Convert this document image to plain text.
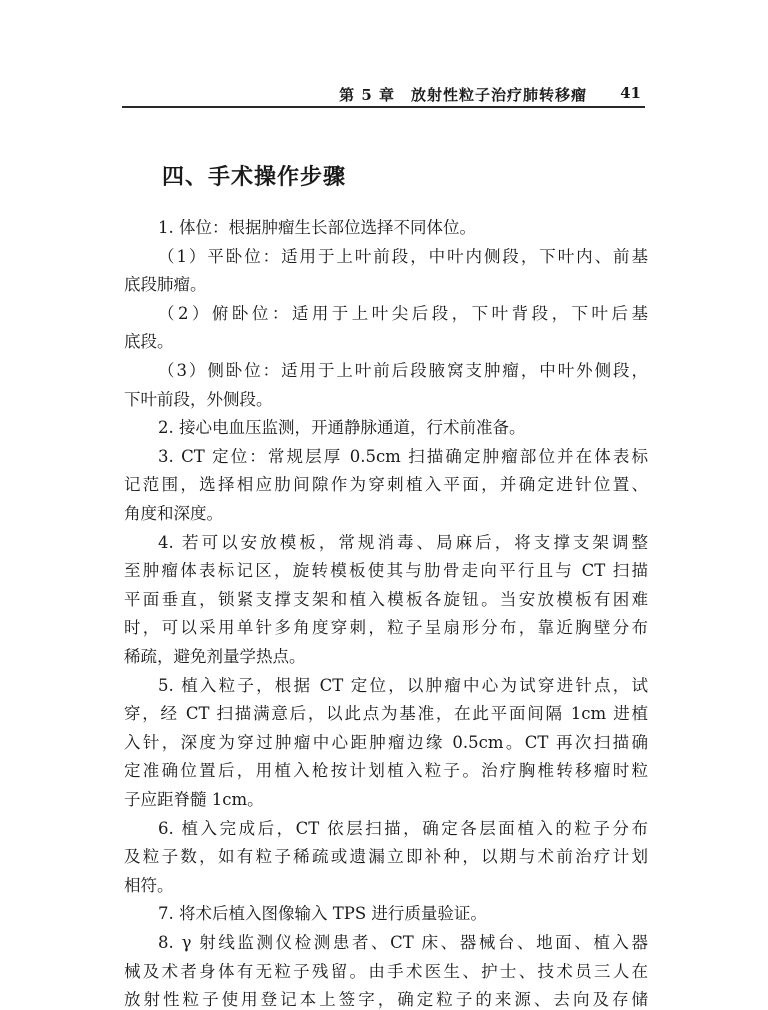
第 5 章　放射性粒子治疗肺转移瘤 41
四、手术操作步骤
1. 体位：根据肿瘤生长部位选择不同体位。
（1）平卧位：适用于上叶前段，中叶内侧段，下叶内、前基
底段肺瘤。
（2）俯卧位：适用于上叶尖后段，下叶背段，下叶后基
底段。
（3）侧卧位：适用于上叶前后段腋窝支肿瘤，中叶外侧段，
下叶前段，外侧段。
2. 接心电血压监测，开通静脉通道，行术前准备。
3. CT 定位：常规层厚 0.5cm 扫描确定肿瘤部位并在体表标
记范围，选择相应肋间隙作为穿刺植入平面，并确定进针位置、
角度和深度。
4. 若可以安放模板，常规消毒、局麻后，将支撑支架调整
至肿瘤体表标记区，旋转模板使其与肋骨走向平行且与 CT 扫描
平面垂直，锁紧支撑支架和植入模板各旋钮。当安放模板有困难
时，可以采用单针多角度穿刺，粒子呈扇形分布，靠近胸壁分布
稀疏，避免剂量学热点。
5. 植入粒子，根据 CT 定位，以肿瘤中心为试穿进针点，试
穿，经 CT 扫描满意后，以此点为基准，在此平面间隔 1cm 进植
入针，深度为穿过肿瘤中心距肿瘤边缘 0.5cm。CT 再次扫描确
定准确位置后，用植入枪按计划植入粒子。治疗胸椎转移瘤时粒
子应距脊髓 1cm。
6. 植入完成后，CT 依层扫描，确定各层面植入的粒子分布
及粒子数，如有粒子稀疏或遗漏立即补种，以期与术前治疗计划
相符。
7. 将术后植入图像输入 TPS 进行质量验证。
8. γ 射线监测仪检测患者、CT 床、器械台、地面、植入器
械及术者身体有无粒子残留。由手术医生、护士、技术员三人在
放射性粒子使用登记本上签字，确定粒子的来源、去向及存储
